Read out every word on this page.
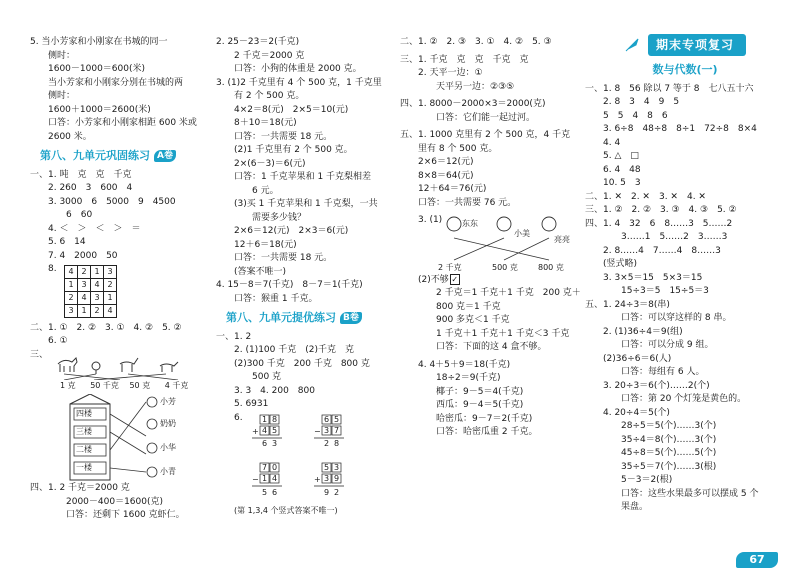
5. 当小芳家和小刚家在书城的同一

侧时：

1600－1000＝600(米)

当小芳家和小刚家分别在书城的两

侧时：

1600＋1000＝2600(米)

口答：小芳家和小刚家相距 600 米或

2600 米。

第八、九单元巩固练习 A卷

一、1. 吨　克　克　千克

2. 260　3　600　4

3. 3000　6　5000　9　4500

6　60

4. ＜　＞　＜　＞　＝

5. 6　14

7. 4　2000　50

8.	4	2	1	3
1	3	4	2
2	4	3	1
3	1	2	4

二、1. ①　2. ②　3. ①　4. ②　5. ②

6. ①

三、

1 克 50 千克 50 克 4 千克
四楼
三楼
二楼
一楼
小芳
奶奶
小华
小青

四、1. 2 千克＝2000 克

2000－400＝1600(克)

口答：还剩下 1600 克虾仁。

2. 25－23＝2(千克)

2 千克＝2000 克

口答：小狗的体重是 2000 克。

3. (1)2 千克里有 4 个 500 克，1 千克里

有 2 个 500 克。

4×2＝8(元)　2×5＝10(元)

8＋10＝18(元)

口答：一共需要 18 元。

(2)1 千克里有 2 个 500 克。

2×(6－3)＝6(元)

口答：1 千克苹果和 1 千克梨相差

6 元。

(3)买 1 千克苹果和 1 千克梨，一共

需要多少钱？

2×6＝12(元)　2×3＝6(元)

12＋6＝18(元)

口答：一共需要 18 元。

(答案不唯一)

4. 15－8＝7(千克)　8－7＝1(千克)

口答：猴重 1 千克。

第八、九单元提优练习 B卷

一、1. 2

2. (1)100 千克　(2)千克　克

(2)300 千克　200 千克　800 克

500 克

3. 3　4. 200　800

5. 6931

6.	1 8
+ 4 5
6 3
6 5
− 3 7
2 8
7 0
− 1 4
5 6
5 3
+ 3 9
9 2

(第 1,3,4 个竖式答案不唯一)

二、1. ②　2. ③　3. ①　4. ②　5. ③

三、1. 千克　克　克　千克　克

2. 天平一边：①

天平另一边：②③⑤

四、1. 8000－2000×3＝2000(克)

口答：它们能一起过河。

五、1. 1000 克里有 2 个 500 克，4 千克

里有 8 个 500 克。

2×6＝12(元)

8×8＝64(元)

12＋64＝76(元)

口答：一共需要 76 元。

3. (1)	东东
小美
亮亮
2 千克	500 克	800 克

(2)不够 ✓

2 千克＝1 千克＋1 千克　200 克＋

800 克＝1 千克

900 多克＜1 千克

1 千克＋1 千克＋1 千克＜3 千克

口答：下面的这 4 盒不够。

4. 4＋5＋9＝18(千克)

18÷2＝9(千克)

椰子：9－5＝4(千克)

西瓜：9－4＝5(千克)

哈密瓜：9－7＝2(千克)

口答：哈密瓜重 2 千克。

期末专项复习

数与代数(一)

一、1. 8　56 除以 7 等于 8　七八五十六

2. 8　3　4　9　5

5　5　4　8　6

3. 6÷8　48÷8　8÷1　72÷8　8×4

4. 4

5. △　□

6. 4　48

10. 5　3

二、1. ✕　2. ✕　3. ✕　4. ✕

三、1. ②　2. ②　3. ③　4. ③　5. ②

四、1. 4　32　6　8……3　5……2

3……1　5……2　3……3

2. 8……4　7……4　8……3

(竖式略)

3. 3×5＝15　5×3＝15

15÷3＝5　15÷5＝3

五、1. 24÷3＝8(串)

口答：可以穿这样的 8 串。

2. (1)36÷4＝9(组)

口答：可以分成 9 组。

(2)36÷6＝6(人)

口答：每组有 6 人。

3. 20÷3＝6(个)……2(个)

口答：第 20 个灯笼是黄色的。

4. 20÷4＝5(个)

28÷5＝5(个)……3(个)

35÷4＝8(个)……3(个)

45÷8＝5(个)……5(个)

35÷5＝7(个)……3(根)

5－3＝2(根)

口答：这些水果最多可以摆成 5 个

果盘。

67
